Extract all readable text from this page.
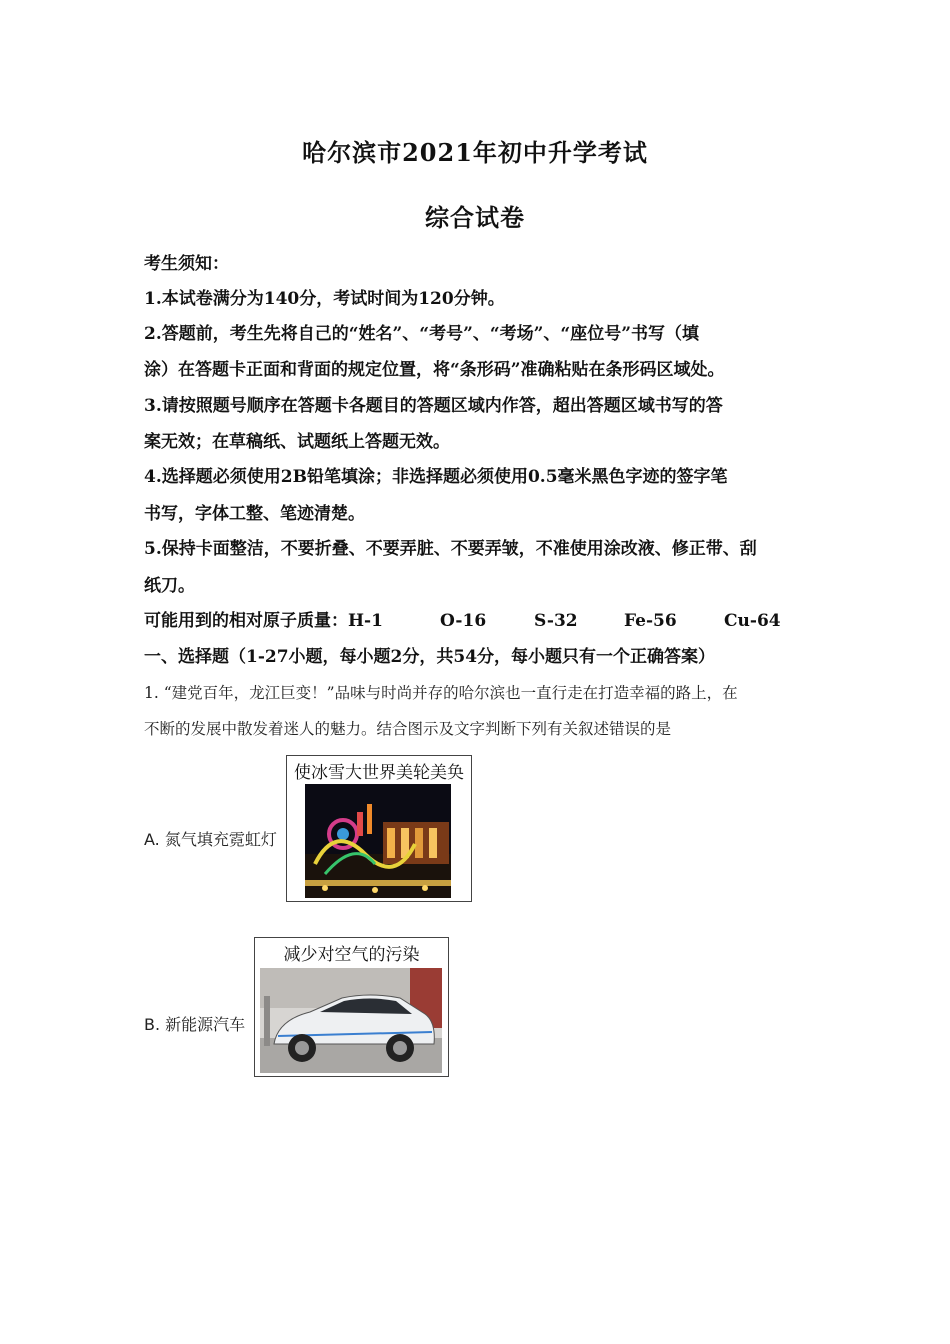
哈尔滨市2021年初中升学考试
综合试卷
考生须知：
1.本试卷满分为140分，考试时间为120分钟。
2.答题前，考生先将自己的“姓名”、“考号”、“考场”、“座位号”书写（填
涂）在答题卡正面和背面的规定位置，将“条形码”准确粘贴在条形码区域处。
3.请按照题号顺序在答题卡各题目的答题区域内作答，超出答题区域书写的答
案无效；在草稿纸、试题纸上答题无效。
4.选择题必须使用2B铅笔填涂；非选择题必须使用0.5毫米黑色字迹的签字笔
书写，字体工整、笔迹清楚。
5.保持卡面整洁，不要折叠、不要弄脏、不要弄皱，不准使用涂改液、修正带、刮
纸刀。
可能用到的相对原子质量：H-1	O-16	S-32	Fe-56	Cu-64
一、选择题（1-27小题，每小题2分，共54分，每小题只有一个正确答案）
1. “建党百年，龙江巨变！”品味与时尚并存的哈尔滨也一直行走在打造幸福的路上，在
不断的发展中散发着迷人的魅力。结合图示及文字判断下列有关叙述错误的是
A. 氮气填充霓虹灯
使冰雪大世界美轮美奂
B. 新能源汽车
减少对空气的污染
